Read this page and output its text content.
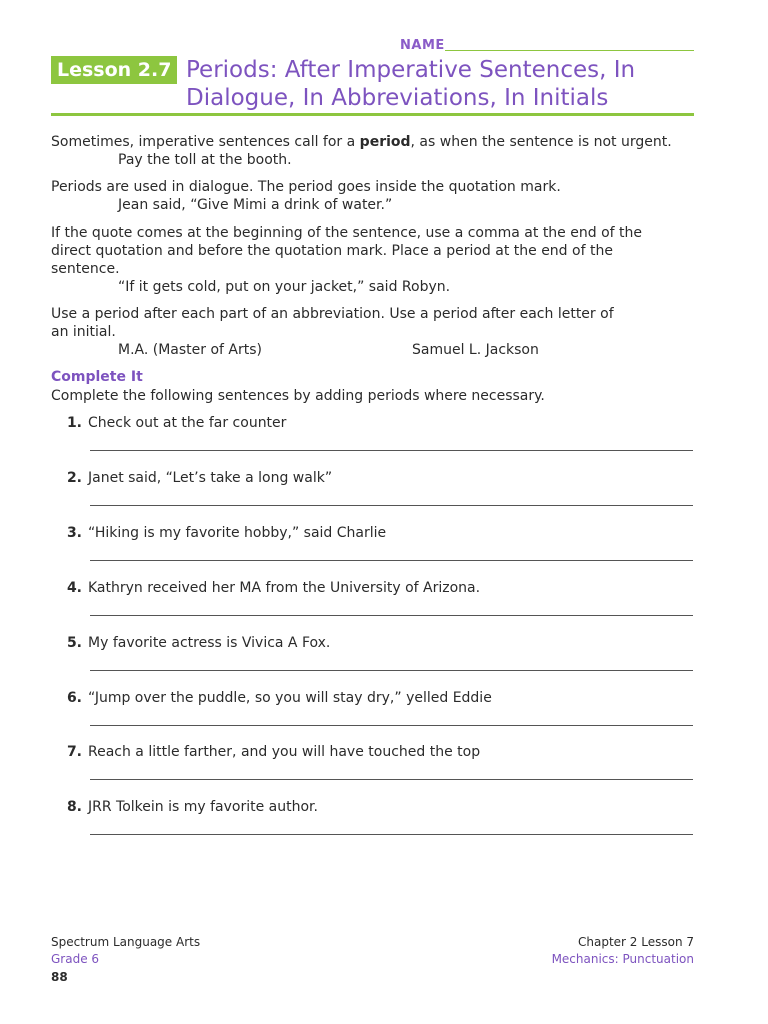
NAME
Lesson 2.7 Periods: After Imperative Sentences, In
Dialogue, In Abbreviations, In Initials
Sometimes, imperative sentences call for a period, as when the sentence is not urgent.
Pay the toll at the booth.
Periods are used in dialogue. The period goes inside the quotation mark.
Jean said, “Give Mimi a drink of water.”
If the quote comes at the beginning of the sentence, use a comma at the end of the
direct quotation and before the quotation mark. Place a period at the end of the
sentence.
“If it gets cold, put on your jacket,” said Robyn.
Use a period after each part of an abbreviation. Use a period after each letter of
an initial.
M.A. (Master of Arts)	Samuel L. Jackson
Complete It
Complete the following sentences by adding periods where necessary.
1. Check out at the far counter
2. Janet said, “Let’s take a long walk”
3. “Hiking is my favorite hobby,” said Charlie
4. Kathryn received her MA from the University of Arizona.
5. My favorite actress is Vivica A Fox.
6. “Jump over the puddle, so you will stay dry,” yelled Eddie
7. Reach a little farther, and you will have touched the top
8. JRR Tolkein is my favorite author.
Spectrum Language Arts
Grade 6
88
Chapter 2 Lesson 7
Mechanics: Punctuation
